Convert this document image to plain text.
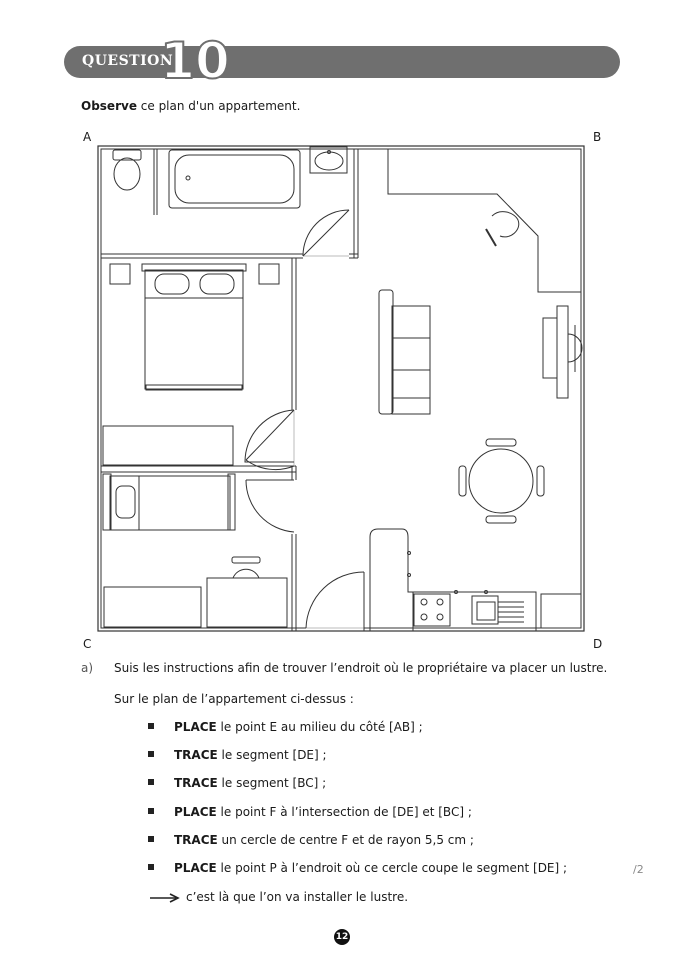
QUESTION
10
Observe ce plan d'un appartement.
A	B
C	D
a) Suis les instructions afin de trouver l’endroit où le propriétaire va placer un lustre.
Sur le plan de l’appartement ci-dessus :
PLACE le point E au milieu du côté [AB] ;
TRACE le segment [DE] ;
TRACE le segment [BC] ;
PLACE le point F à l’intersection de [DE] et [BC] ;
TRACE un cercle de centre F et de rayon 5,5 cm ;
PLACE le point P à l’endroit où ce cercle coupe le segment [DE] ;	/2
c’est là que l’on va installer le lustre.
12
